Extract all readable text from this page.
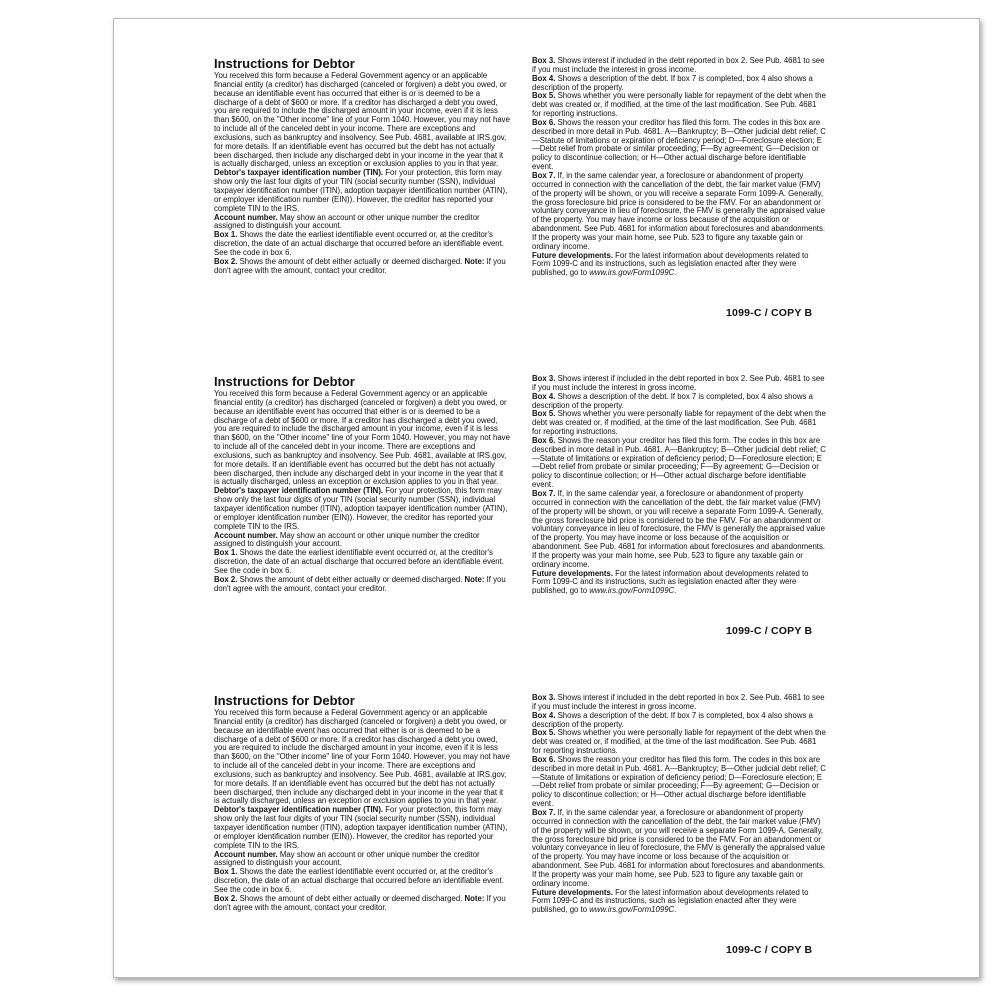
Instructions for Debtor

You received this form because a Federal Government agency or an applicable financial entity (a creditor) has discharged (canceled or forgiven) a debt you owed, or because an identifiable event has occurred that either is or is deemed to be a discharge of a debt of $600 or more. If a creditor has discharged a debt you owed, you are required to include the discharged amount in your income, even if it is less than $600, on the "Other income" line of your Form 1040. However, you may not have to include all of the canceled debt in your income. There are exceptions and exclusions, such as bankruptcy and insolvency. See Pub. 4681, available at IRS.gov, for more details. If an identifiable event has occurred but the debt has not actually been discharged, then include any discharged debt in your income in the year that it is actually discharged, unless an exception or exclusion applies to you in that year.

Debtor's taxpayer identification number (TIN). For your protection, this form may show only the last four digits of your TIN (social security number (SSN), individual taxpayer identification number (ITIN), adoption taxpayer identification number (ATIN), or employer identification number (EIN)). However, the creditor has reported your complete TIN to the IRS.

Account number. May show an account or other unique number the creditor assigned to distinguish your account.

Box 1. Shows the date the earliest identifiable event occurred or, at the creditor's discretion, the date of an actual discharge that occurred before an identifiable event. See the code in box 6.

Box 2. Shows the amount of debt either actually or deemed discharged. Note: If you don't agree with the amount, contact your creditor.

Box 3. Shows interest if included in the debt reported in box 2. See Pub. 4681 to see if you must include the interest in gross income.

Box 4. Shows a description of the debt. If box 7 is completed, box 4 also shows a description of the property.

Box 5. Shows whether you were personally liable for repayment of the debt when the debt was created or, if modified, at the time of the last modification. See Pub. 4681 for reporting instructions.

Box 6. Shows the reason your creditor has filed this form. The codes in this box are described in more detail in Pub. 4681. A—Bankruptcy; B—Other judicial debt relief; C—Statute of limitations or expiration of deficiency period; D—Foreclosure election; E—Debt relief from probate or similar proceeding; F—By agreement; G—Decision or policy to discontinue collection; or H—Other actual discharge before identifiable event.

Box 7. If, in the same calendar year, a foreclosure or abandonment of property occurred in connection with the cancellation of the debt, the fair market value (FMV) of the property will be shown, or you will receive a separate Form 1099-A. Generally, the gross foreclosure bid price is considered to be the FMV. For an abandonment or voluntary conveyance in lieu of foreclosure, the FMV is generally the appraised value of the property. You may have income or loss because of the acquisition or abandonment. See Pub. 4681 for information about foreclosures and abandonments. If the property was your main home, see Pub. 523 to figure any taxable gain or ordinary income.

Future developments. For the latest information about developments related to Form 1099-C and its instructions, such as legislation enacted after they were published, go to www.irs.gov/Form1099C.

1099-C / COPY B
Instructions for Debtor

You received this form because a Federal Government agency or an applicable financial entity (a creditor) has discharged (canceled or forgiven) a debt you owed, or because an identifiable event has occurred that either is or is deemed to be a discharge of a debt of $600 or more. If a creditor has discharged a debt you owed, you are required to include the discharged amount in your income, even if it is less than $600, on the "Other income" line of your Form 1040. However, you may not have to include all of the canceled debt in your income. There are exceptions and exclusions, such as bankruptcy and insolvency. See Pub. 4681, available at IRS.gov, for more details. If an identifiable event has occurred but the debt has not actually been discharged, then include any discharged debt in your income in the year that it is actually discharged, unless an exception or exclusion applies to you in that year.

Debtor's taxpayer identification number (TIN). For your protection, this form may show only the last four digits of your TIN (social security number (SSN), individual taxpayer identification number (ITIN), adoption taxpayer identification number (ATIN), or employer identification number (EIN)). However, the creditor has reported your complete TIN to the IRS.

Account number. May show an account or other unique number the creditor assigned to distinguish your account.

Box 1. Shows the date the earliest identifiable event occurred or, at the creditor's discretion, the date of an actual discharge that occurred before an identifiable event. See the code in box 6.

Box 2. Shows the amount of debt either actually or deemed discharged. Note: If you don't agree with the amount, contact your creditor.

Box 3. Shows interest if included in the debt reported in box 2. See Pub. 4681 to see if you must include the interest in gross income.

Box 4. Shows a description of the debt. If box 7 is completed, box 4 also shows a description of the property.

Box 5. Shows whether you were personally liable for repayment of the debt when the debt was created or, if modified, at the time of the last modification. See Pub. 4681 for reporting instructions.

Box 6. Shows the reason your creditor has filed this form. The codes in this box are described in more detail in Pub. 4681. A—Bankruptcy; B—Other judicial debt relief; C—Statute of limitations or expiration of deficiency period; D—Foreclosure election; E—Debt relief from probate or similar proceeding; F—By agreement; G—Decision or policy to discontinue collection; or H—Other actual discharge before identifiable event.

Box 7. If, in the same calendar year, a foreclosure or abandonment of property occurred in connection with the cancellation of the debt, the fair market value (FMV) of the property will be shown, or you will receive a separate Form 1099-A. Generally, the gross foreclosure bid price is considered to be the FMV. For an abandonment or voluntary conveyance in lieu of foreclosure, the FMV is generally the appraised value of the property. You may have income or loss because of the acquisition or abandonment. See Pub. 4681 for information about foreclosures and abandonments. If the property was your main home, see Pub. 523 to figure any taxable gain or ordinary income.

Future developments. For the latest information about developments related to Form 1099-C and its instructions, such as legislation enacted after they were published, go to www.irs.gov/Form1099C.

1099-C / COPY B
Instructions for Debtor

You received this form because a Federal Government agency or an applicable financial entity (a creditor) has discharged (canceled or forgiven) a debt you owed, or because an identifiable event has occurred that either is or is deemed to be a discharge of a debt of $600 or more. If a creditor has discharged a debt you owed, you are required to include the discharged amount in your income, even if it is less than $600, on the "Other income" line of your Form 1040. However, you may not have to include all of the canceled debt in your income. There are exceptions and exclusions, such as bankruptcy and insolvency. See Pub. 4681, available at IRS.gov, for more details. If an identifiable event has occurred but the debt has not actually been discharged, then include any discharged debt in your income in the year that it is actually discharged, unless an exception or exclusion applies to you in that year.

Debtor's taxpayer identification number (TIN). For your protection, this form may show only the last four digits of your TIN (social security number (SSN), individual taxpayer identification number (ITIN), adoption taxpayer identification number (ATIN), or employer identification number (EIN)). However, the creditor has reported your complete TIN to the IRS.

Account number. May show an account or other unique number the creditor assigned to distinguish your account.

Box 1. Shows the date the earliest identifiable event occurred or, at the creditor's discretion, the date of an actual discharge that occurred before an identifiable event. See the code in box 6.

Box 2. Shows the amount of debt either actually or deemed discharged. Note: If you don't agree with the amount, contact your creditor.

Box 3. Shows interest if included in the debt reported in box 2. See Pub. 4681 to see if you must include the interest in gross income.

Box 4. Shows a description of the debt. If box 7 is completed, box 4 also shows a description of the property.

Box 5. Shows whether you were personally liable for repayment of the debt when the debt was created or, if modified, at the time of the last modification. See Pub. 4681 for reporting instructions.

Box 6. Shows the reason your creditor has filed this form. The codes in this box are described in more detail in Pub. 4681. A—Bankruptcy; B—Other judicial debt relief; C—Statute of limitations or expiration of deficiency period; D—Foreclosure election; E—Debt relief from probate or similar proceeding; F—By agreement; G—Decision or policy to discontinue collection; or H—Other actual discharge before identifiable event.

Box 7. If, in the same calendar year, a foreclosure or abandonment of property occurred in connection with the cancellation of the debt, the fair market value (FMV) of the property will be shown, or you will receive a separate Form 1099-A. Generally, the gross foreclosure bid price is considered to be the FMV. For an abandonment or voluntary conveyance in lieu of foreclosure, the FMV is generally the appraised value of the property. You may have income or loss because of the acquisition or abandonment. See Pub. 4681 for information about foreclosures and abandonments. If the property was your main home, see Pub. 523 to figure any taxable gain or ordinary income.

Future developments. For the latest information about developments related to Form 1099-C and its instructions, such as legislation enacted after they were published, go to www.irs.gov/Form1099C.

1099-C / COPY B
